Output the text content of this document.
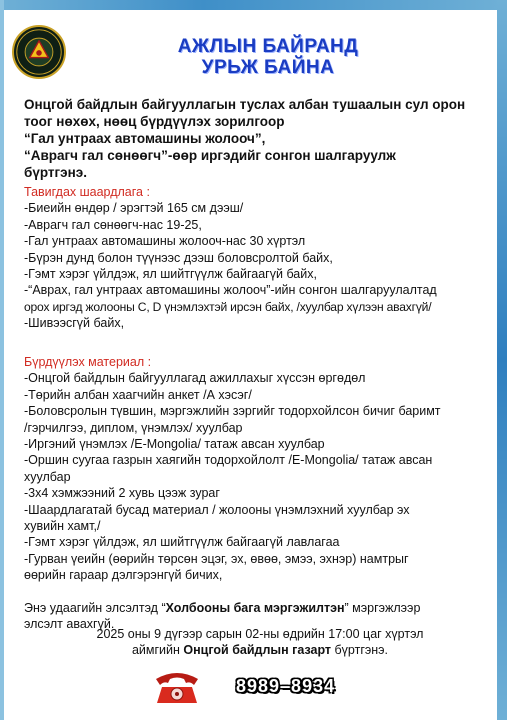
АЖЛЫН БАЙРАНД
УРЬЖ БАЙНА
Онцгой байдлын байгууллагын туслах албан тушаалын сул орон
тоог нөхөх, нөөц бүрдүүлэх зорилгоор
“Гал унтраах автомашины жолооч”,
“Аврагч гал сөнөөгч”-өөр иргэдийг сонгон шалгаруулж
бүртгэнэ.
Тавигдах шаардлага :
-Биеийн өндөр / эрэгтэй 165 см дээш/
-Аврагч гал сөнөөгч-нас 19-25,
-Гал унтраах автомашины жолооч-нас 30 хүртэл
-Бүрэн дунд болон түүнээс дээш боловсролтой байх,
-Гэмт хэрэг үйлдэж, ял шийтгүүлж байгаагүй байх,
-“Аврах, гал унтраах автомашины жолооч”-ийн сонгон шалгаруулалтад
орох иргэд жолооны C, D үнэмлэхтэй ирсэн байх, /хуулбар хүлээн авахгүй/
-Шивээсгүй байх,
Бүрдүүлэх материал :
-Онцгой байдлын байгууллагад ажиллахыг хүссэн өргөдөл
-Төрийн албан хаагчийн анкет /А хэсэг/
-Боловсролын түвшин, мэргэжлийн зэргийг тодорхойлсон бичиг баримт
/гэрчилгээ, диплом, үнэмлэх/ хуулбар
-Иргэний үнэмлэх /E-Mongolia/ татаж авсан хуулбар
-Оршин суугаа газрын хаягийн тодорхойлолт /E-Mongolia/ татаж авсан
хуулбар
-3х4 хэмжээний 2 хувь цээж зураг
-Шаардлагатай бусад материал / жолооны үнэмлэхний хуулбар эх
хувийн хамт,/
-Гэмт хэрэг үйлдэж, ял шийтгүүлж байгаагүй лавлагаа
-Гурван үеийн (өөрийн төрсөн эцэг, эх, өвөө, эмээ, эхнэр) намтрыг
өөрийн гараар дэлгэрэнгүй бичих,
Энэ удаагийн элсэлтэд “Холбооны бага мэргэжилтэн” мэргэжлээр
элсэлт авахгүй.
2025 оны 9 дүгээр сарын 02-ны өдрийн 17:00 цаг хүртэл
аймгийн Онцгой байдлын газарт бүртгэнэ.
8989–8934
